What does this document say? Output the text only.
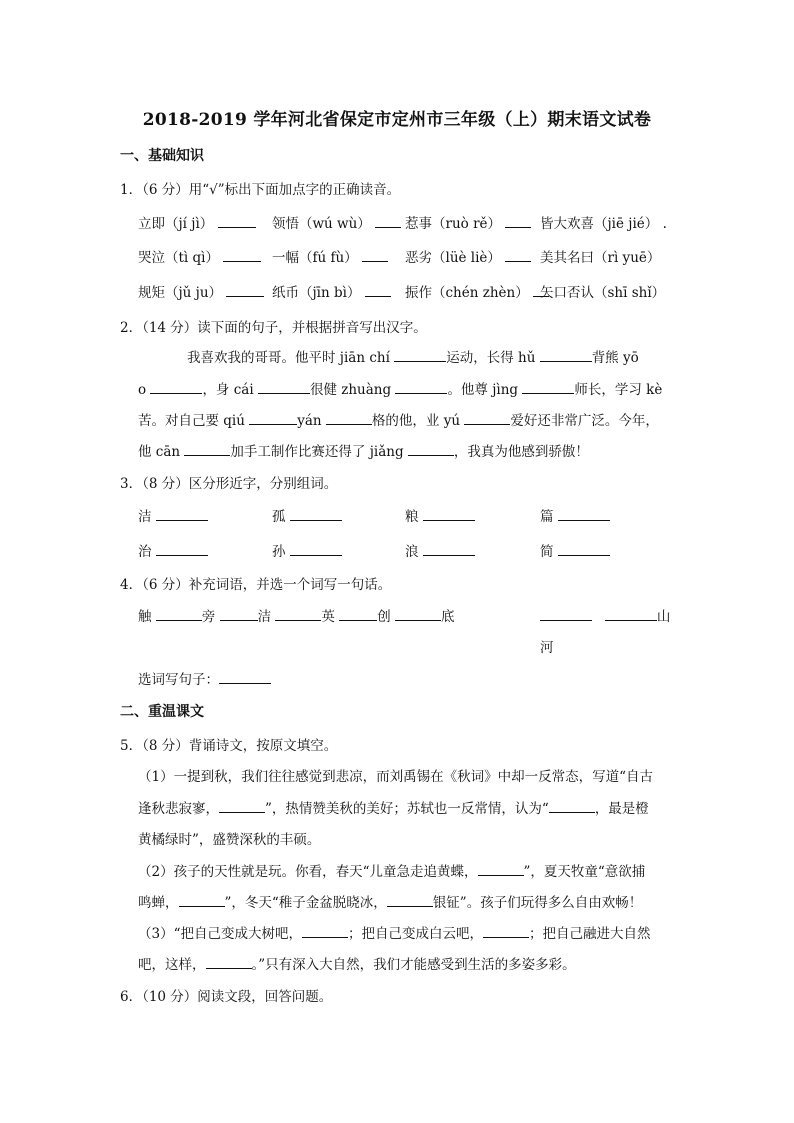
2018-2019 学年河北省保定市定州市三年级（上）期末语文试卷
一、基础知识
1．（6 分）用“√”标出下面加点字的正确读音。
立即（jí jì）	领悟（wú wù）	惹事（ruò rě）	皆大欢喜（jiē jié） .
哭泣（tì qì）	一幅（fú fù）	恶劣（lüè liè）	美其名曰（rì yuē）
规矩（jǔ ju）	纸币（jīn bì）	振作（chén zhèn） 矢口否认（shī shǐ）
2．（14 分）读下面的句子，并根据拼音写出汉字。
我喜欢我的哥哥。他平时 jiān chí	运动，长得 hǔ	背熊 yō
o	，身 cái	很健 zhuàng	。他尊 jìng	师长，学习 kè
苦。对自己要 qiú	yán	格的他，业 yú	爱好还非常广泛。今年，
他 cān	加手工制作比赛还得了 jiǎng	，我真为他感到骄傲！
3．（8 分）区分形近字，分别组词。
洁	孤	粮	篇
治	孙	浪	简
4．（6 分）补充词语，并选一个词写一句话。
触	旁	洁	英	创	底	山
河
选词写句子：
二、重温课文
5．（8 分）背诵诗文，按原文填空。
（1）一提到秋，我们往往感觉到悲凉，而刘禹锡在《秋词》中却一反常态，写道“自古
逢秋悲寂寥，	”，热情赞美秋的美好；苏轼也一反常情，认为“	，最是橙
黄橘绿时”，盛赞深秋的丰硕。
（2）孩子的天性就是玩。你看，春天“儿童急走追黄蝶，	”，夏天牧童“意欲捕
鸣蝉，	”，冬天“稚子金盆脱晓冰，	银钲”。孩子们玩得多么自由欢畅！
（3）“把自己变成大树吧，	；把自己变成白云吧，	；把自己融进大自然
吧，这样，	。”只有深入大自然，我们才能感受到生活的多姿多彩。
6．（10 分）阅读文段，回答问题。
